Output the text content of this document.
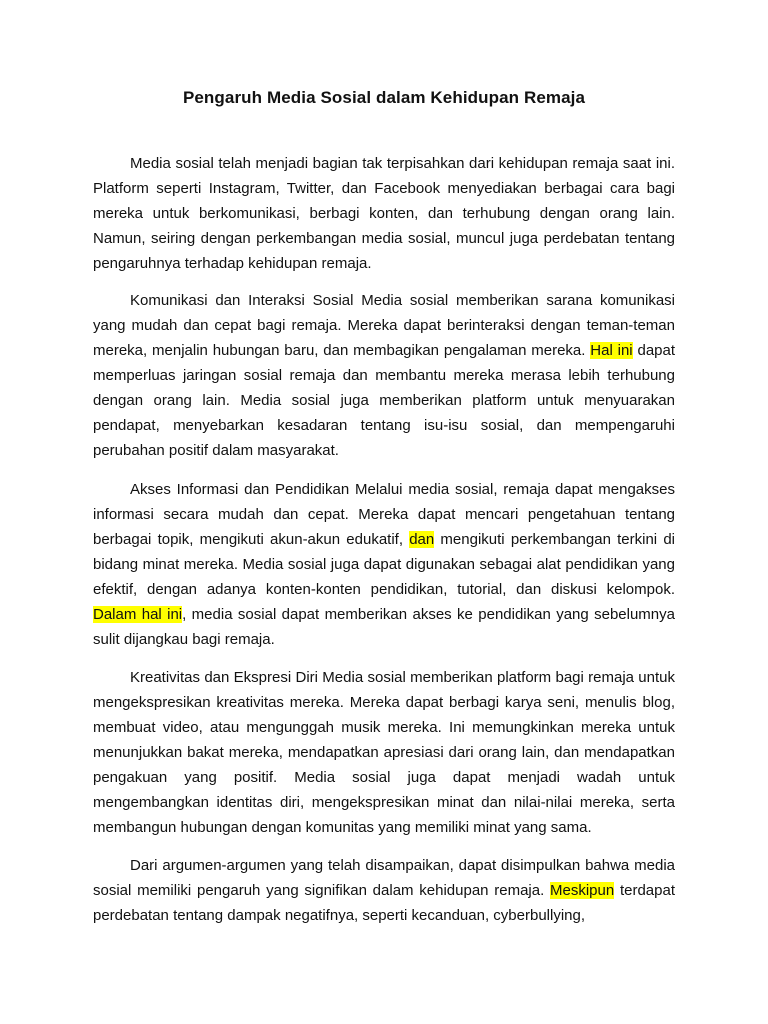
Pengaruh Media Sosial dalam Kehidupan Remaja

Media sosial telah menjadi bagian tak terpisahkan dari kehidupan remaja saat ini. Platform seperti Instagram, Twitter, dan Facebook menyediakan berbagai cara bagi mereka untuk berkomunikasi, berbagi konten, dan terhubung dengan orang lain. Namun, seiring dengan perkembangan media sosial, muncul juga perdebatan tentang pengaruhnya terhadap kehidupan remaja.

Komunikasi dan Interaksi Sosial Media sosial memberikan sarana komunikasi yang mudah dan cepat bagi remaja. Mereka dapat berinteraksi dengan teman-teman mereka, menjalin hubungan baru, dan membagikan pengalaman mereka. Hal ini dapat memperluas jaringan sosial remaja dan membantu mereka merasa lebih terhubung dengan orang lain. Media sosial juga memberikan platform untuk menyuarakan pendapat, menyebarkan kesadaran tentang isu-isu sosial, dan mempengaruhi perubahan positif dalam masyarakat.

Akses Informasi dan Pendidikan Melalui media sosial, remaja dapat mengakses informasi secara mudah dan cepat. Mereka dapat mencari pengetahuan tentang berbagai topik, mengikuti akun-akun edukatif, dan mengikuti perkembangan terkini di bidang minat mereka. Media sosial juga dapat digunakan sebagai alat pendidikan yang efektif, dengan adanya konten-konten pendidikan, tutorial, dan diskusi kelompok. Dalam hal ini, media sosial dapat memberikan akses ke pendidikan yang sebelumnya sulit dijangkau bagi remaja.

Kreativitas dan Ekspresi Diri Media sosial memberikan platform bagi remaja untuk mengekspresikan kreativitas mereka. Mereka dapat berbagi karya seni, menulis blog, membuat video, atau mengunggah musik mereka. Ini memungkinkan mereka untuk menunjukkan bakat mereka, mendapatkan apresiasi dari orang lain, dan mendapatkan pengakuan yang positif. Media sosial juga dapat menjadi wadah untuk mengembangkan identitas diri, mengekspresikan minat dan nilai-nilai mereka, serta membangun hubungan dengan komunitas yang memiliki minat yang sama.

Dari argumen-argumen yang telah disampaikan, dapat disimpulkan bahwa media sosial memiliki pengaruh yang signifikan dalam kehidupan remaja. Meskipun terdapat perdebatan tentang dampak negatifnya, seperti kecanduan, cyberbullying,
